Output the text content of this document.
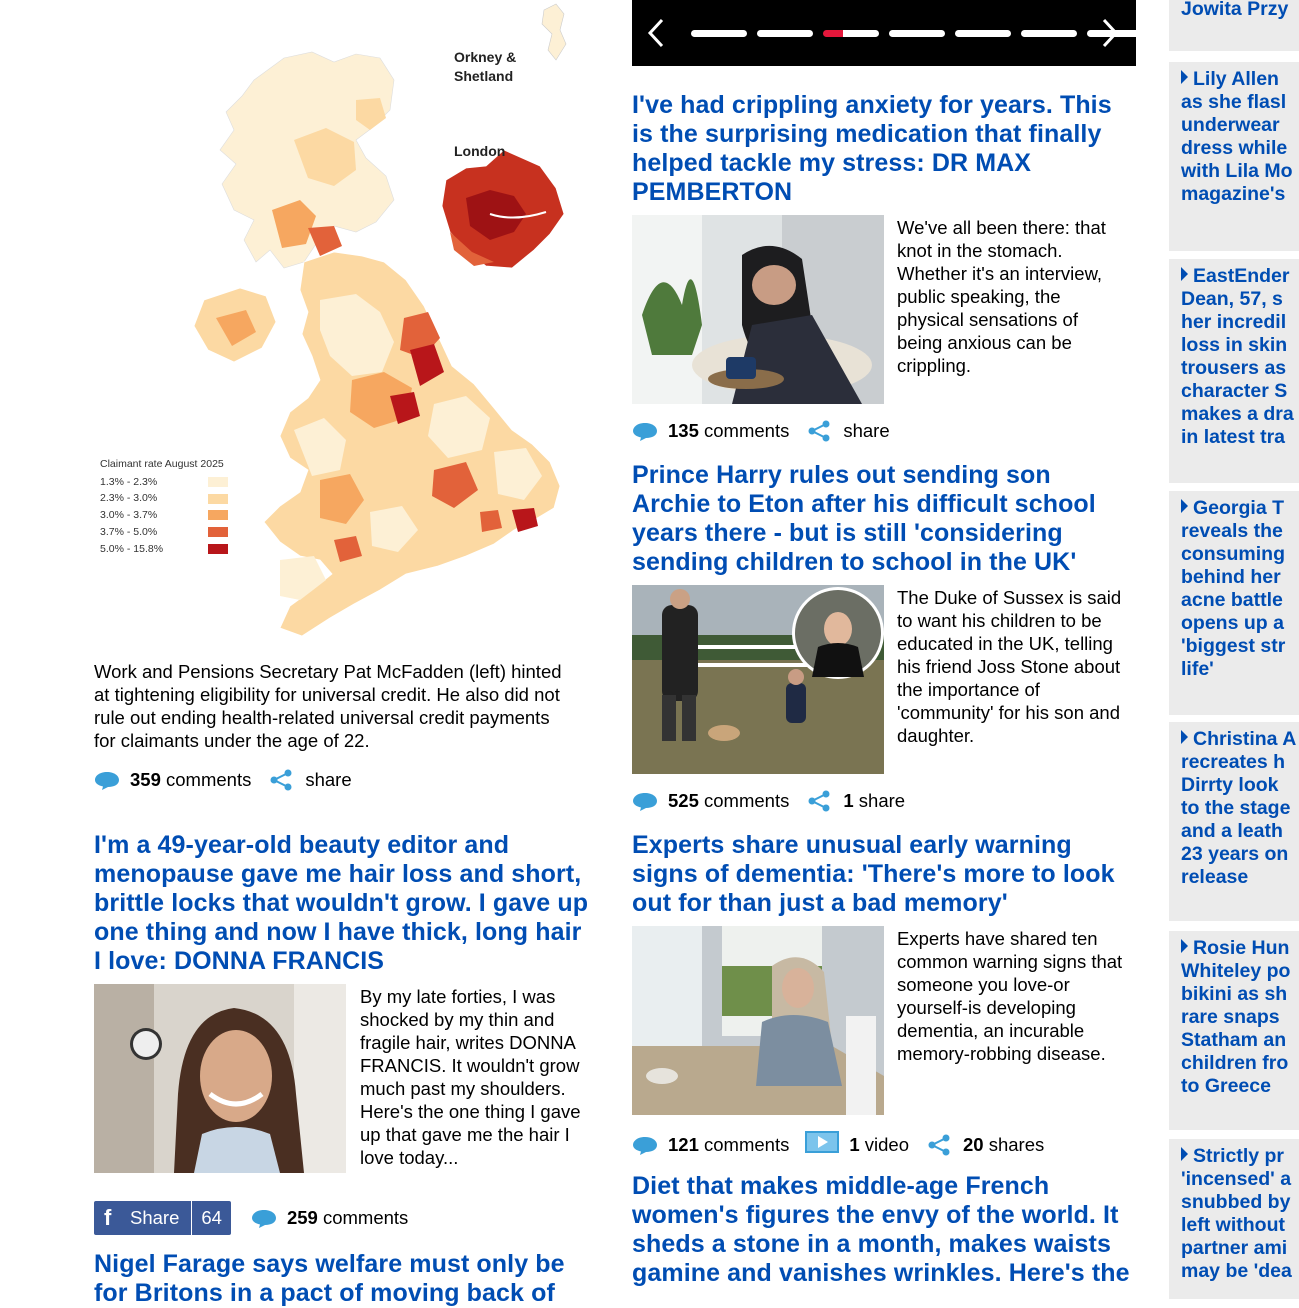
Orkney &
Shetland
London
Claimant rate August 2025
1.3% - 2.3%
2.3% - 3.0%
3.0% - 3.7%
3.7% - 5.0%
5.0% - 15.8%

Work and Pensions Secretary Pat McFadden (left) hinted
at tightening eligibility for universal credit. He also did not
rule out ending health-related universal credit payments
for claimants under the age of 22.

359
comments	share
I'm a 49-year-old beauty editor and
menopause gave me hair loss and short,
brittle locks that wouldn't grow. I gave up
one thing and now I have thick, long hair
I love: DONNA FRANCIS

By my late forties, I was
shocked by my thin and
fragile hair, writes DONNA
FRANCIS. It wouldn't grow
much past my shoulders.
Here's the one thing I gave
up that gave me the hair I
love today...

f	Share	64	259
comments
Nigel Farage says welfare must only be
for Britons in a pact of moving back of
I've had crippling anxiety for years. This
is the surprising medication that finally
helped tackle my stress: DR MAX
PEMBERTON

We've all been there: that
knot in the stomach.
Whether it's an interview,
public speaking, the
physical sensations of
being anxious can be
crippling.

135
comments	share
Prince Harry rules out sending son
Archie to Eton after his difficult school
years there - but is still 'considering
sending children to school in the UK'

The Duke of Sussex is said
to want his children to be
educated in the UK, telling
his friend Joss Stone about
the importance of
'community' for his son and
daughter.

525
comments	1
share
Experts share unusual early warning
signs of dementia: 'There's more to look
out for than just a bad memory'

Experts have shared ten
common warning signs that
someone you love-or
yourself-is developing
dementia, an incurable
memory-robbing disease.

121
comments	1
video	20
shares
Diet that makes middle-age French
women's figures the envy of the world. It
sheds a stone in a month, makes waists
gamine and vanishes wrinkles. Here's the
Jowita Przy
Lily Allen
as she flasl
underwear
dress while
with Lila Mo
magazine's
EastEnder
Dean, 57, s
her incredil
loss in skin
trousers as
character S
makes a dra
in latest tra
Georgia T
reveals the
consuming
behind her
acne battle
opens up a
'biggest str
life'
Christina A
recreates h
Dirrty look
to the stage
and a leath
23 years on
release
Rosie Hun
Whiteley po
bikini as sh
rare snaps
Statham an
children fro
to Greece
Strictly pr
'incensed' a
snubbed by
left without
partner ami
may be 'dea
